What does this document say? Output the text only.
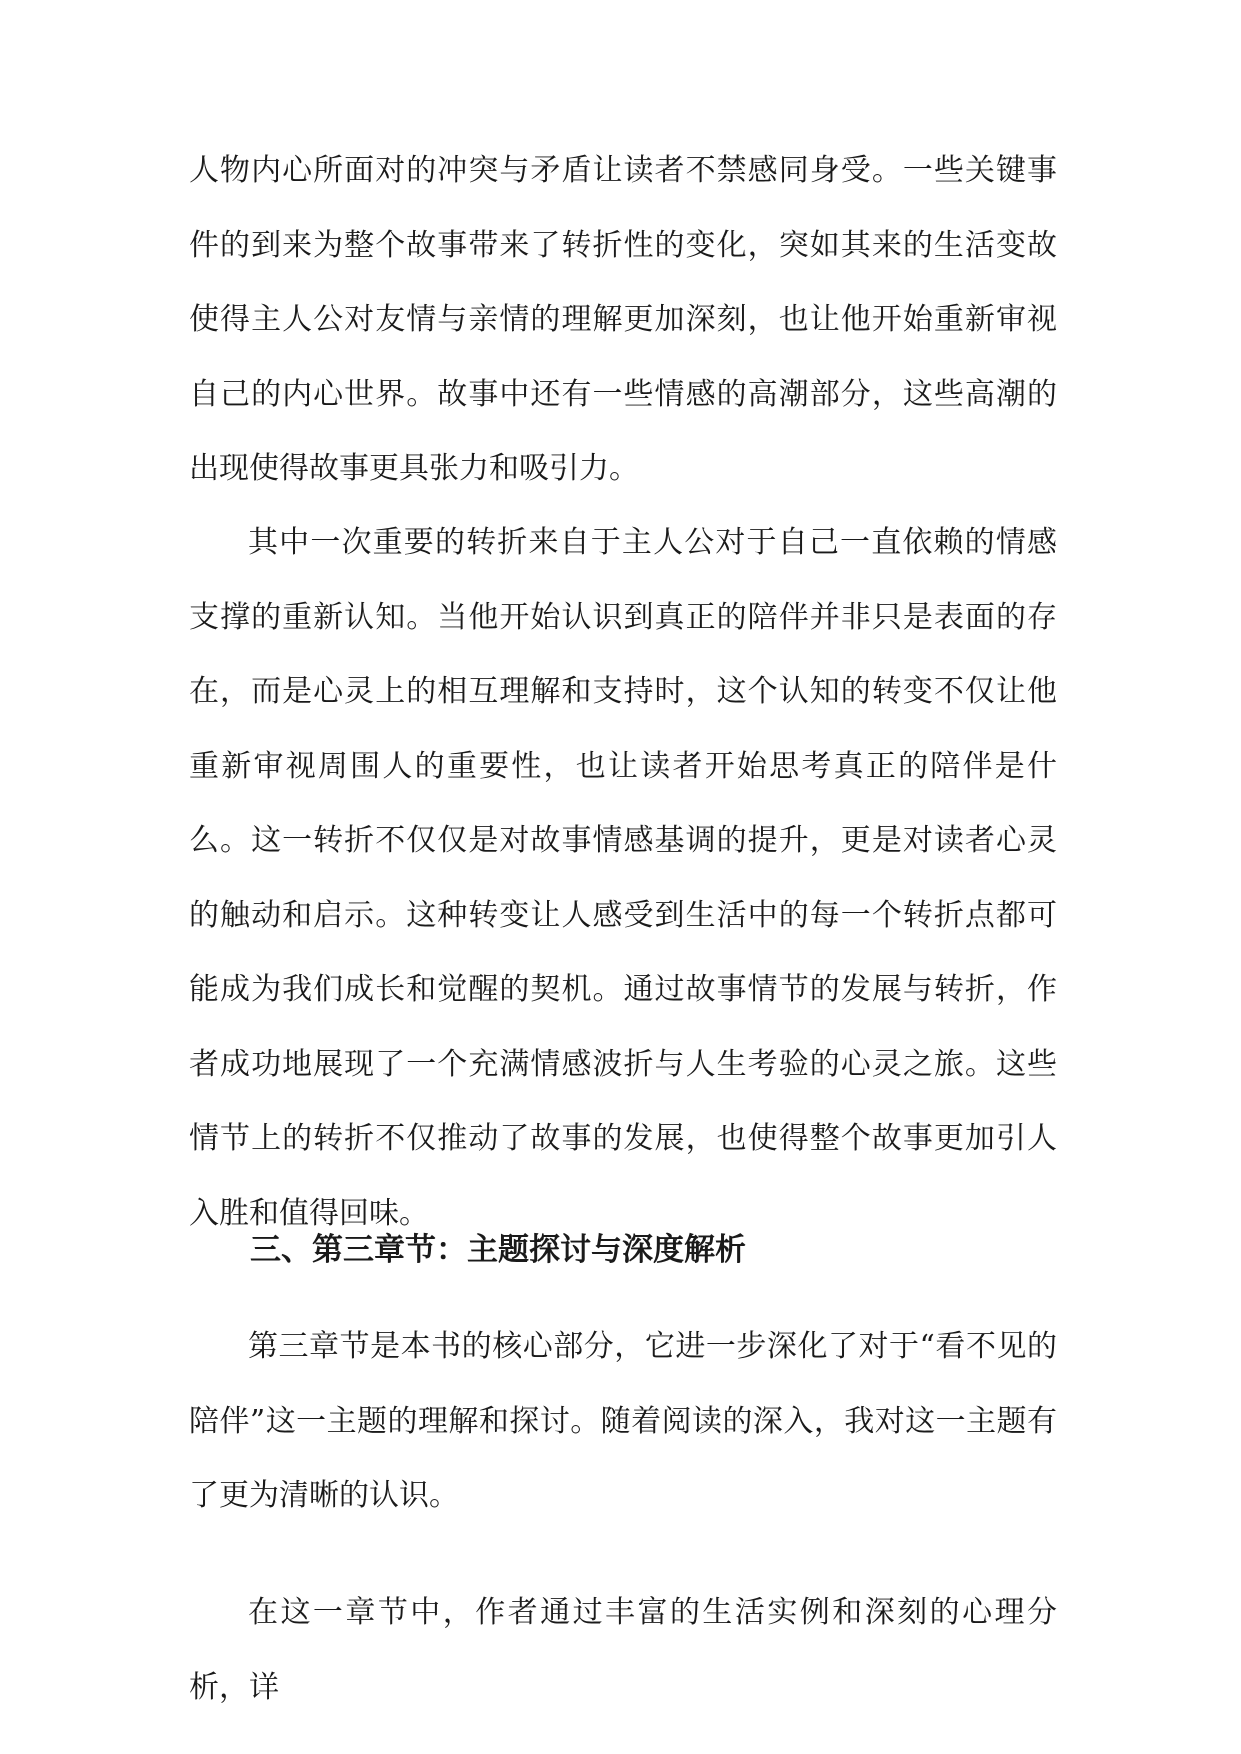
人物内心所面对的冲突与矛盾让读者不禁感同身受。一些关键事件的到来为整个故事带来了转折性的变化，突如其来的生活变故使得主人公对友情与亲情的理解更加深刻，也让他开始重新审视自己的内心世界。故事中还有一些情感的高潮部分，这些高潮的出现使得故事更具张力和吸引力。

其中一次重要的转折来自于主人公对于自己一直依赖的情感支撑的重新认知。当他开始认识到真正的陪伴并非只是表面的存在，而是心灵上的相互理解和支持时，这个认知的转变不仅让他重新审视周围人的重要性，也让读者开始思考真正的陪伴是什么。这一转折不仅仅是对故事情感基调的提升，更是对读者心灵的触动和启示。这种转变让人感受到生活中的每一个转折点都可能成为我们成长和觉醒的契机。通过故事情节的发展与转折，作者成功地展现了一个充满情感波折与人生考验的心灵之旅。这些情节上的转折不仅推动了故事的发展，也使得整个故事更加引人入胜和值得回味。

三、第三章节：主题探讨与深度解析

第三章节是本书的核心部分，它进一步深化了对于“看不见的陪伴”这一主题的理解和探讨。随着阅读的深入，我对这一主题有了更为清晰的认识。

在这一章节中，作者通过丰富的生活实例和深刻的心理分析，详
